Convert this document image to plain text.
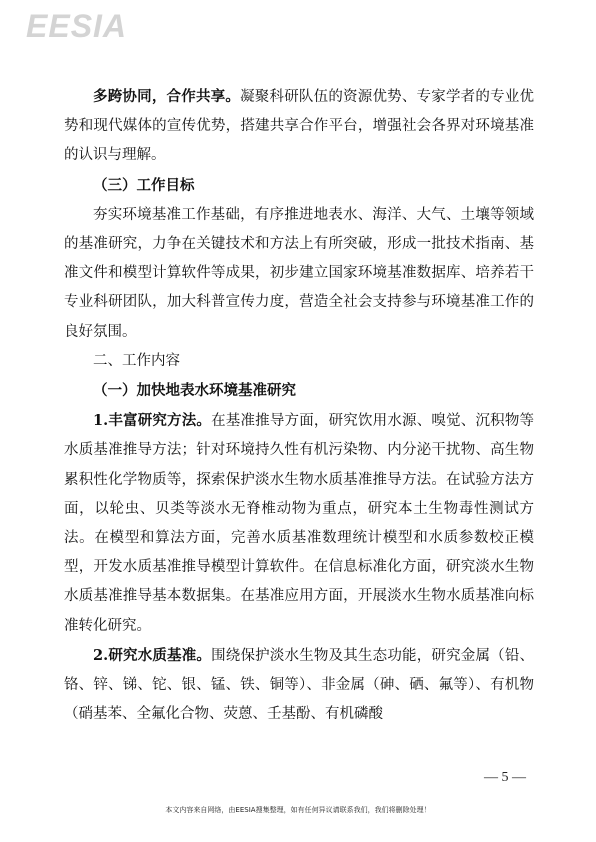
EESIA

多跨协同，合作共享。凝聚科研队伍的资源优势、专家学者的专业优势和现代媒体的宣传优势，搭建共享合作平台，增强社会各界对环境基准的认识与理解。

（三）工作目标

夯实环境基准工作基础，有序推进地表水、海洋、大气、土壤等领域的基准研究，力争在关键技术和方法上有所突破，形成一批技术指南、基准文件和模型计算软件等成果，初步建立国家环境基准数据库、培养若干专业科研团队，加大科普宣传力度，营造全社会支持参与环境基准工作的良好氛围。

二、工作内容

（一）加快地表水环境基准研究

1.丰富研究方法。在基准推导方面，研究饮用水源、嗅觉、沉积物等水质基准推导方法；针对环境持久性有机污染物、内分泌干扰物、高生物累积性化学物质等，探索保护淡水生物水质基准推导方法。在试验方法方面，以轮虫、贝类等淡水无脊椎动物为重点，研究本土生物毒性测试方法。在模型和算法方面，完善水质基准数理统计模型和水质参数校正模型，开发水质基准推导模型计算软件。在信息标准化方面，研究淡水生物水质基准推导基本数据集。在基准应用方面，开展淡水生物水质基准向标准转化研究。

2.研究水质基准。围绕保护淡水生物及其生态功能，研究金属（铅、铬、锌、锑、铊、银、锰、铁、铜等）、非金属（砷、硒、氟等）、有机物（硝基苯、全氟化合物、荧蒽、壬基酚、有机磷酸

— 5 —
本文内容来自网络，由EESIA搜集整理，如有任何异议请联系我们，我们将删除处理！
